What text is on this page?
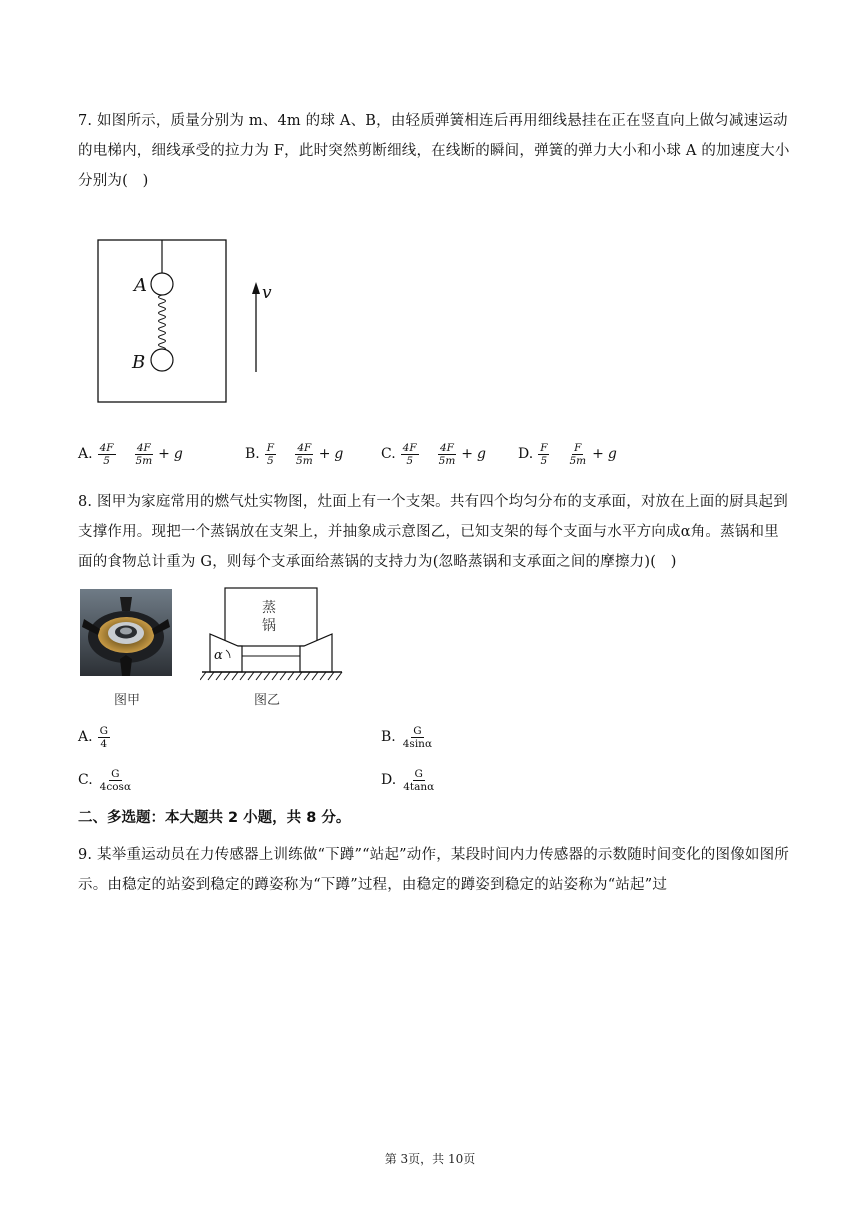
7. 如图所示，质量分别为 m、4m 的球 A、B，由轻质弹簧相连后再用细线悬挂在正在竖直向上做匀减速运动的电梯内，细线承受的拉力为 F，此时突然剪断细线，在线断的瞬间，弹簧的弹力大小和小球 A 的加速度大小分别为(　)
A
B
v
A. $\frac{4F}{5} \frac{4F}{5m} + g$	B. $\frac{F}{5} \frac{4F}{5m} + g$	C. $\frac{4F}{5} \frac{4F}{5m} + g$ D. $\frac{F}{5} \frac{F}{5m} + g$
8. 图甲为家庭常用的燃气灶实物图，灶面上有一个支架。共有四个均匀分布的支承面，对放在上面的厨具起到支撑作用。现把一个蒸锅放在支架上，并抽象成示意图乙，已知支架的每个支面与水平方向成α角。蒸锅和里面的食物总计重为 G，则每个支承面给蒸锅的支持力为(忽略蒸锅和支承面之间的摩擦力)(　)
图甲
蒸
锅
α
图乙
A. $\frac{G}{4}$	B. $\frac{G}{4\sin\alpha}$
C. $\frac{G}{4\cos\alpha}$	D. $\frac{G}{4\tan\alpha}$
二、多选题：本大题共 2 小题，共 8 分。
9. 某举重运动员在力传感器上训练做“下蹲”“站起”动作，某段时间内力传感器的示数随时间变化的图像如图所示。由稳定的站姿到稳定的蹲姿称为“下蹲”过程，由稳定的蹲姿到稳定的站姿称为“站起”过
第 3页，共 10页
